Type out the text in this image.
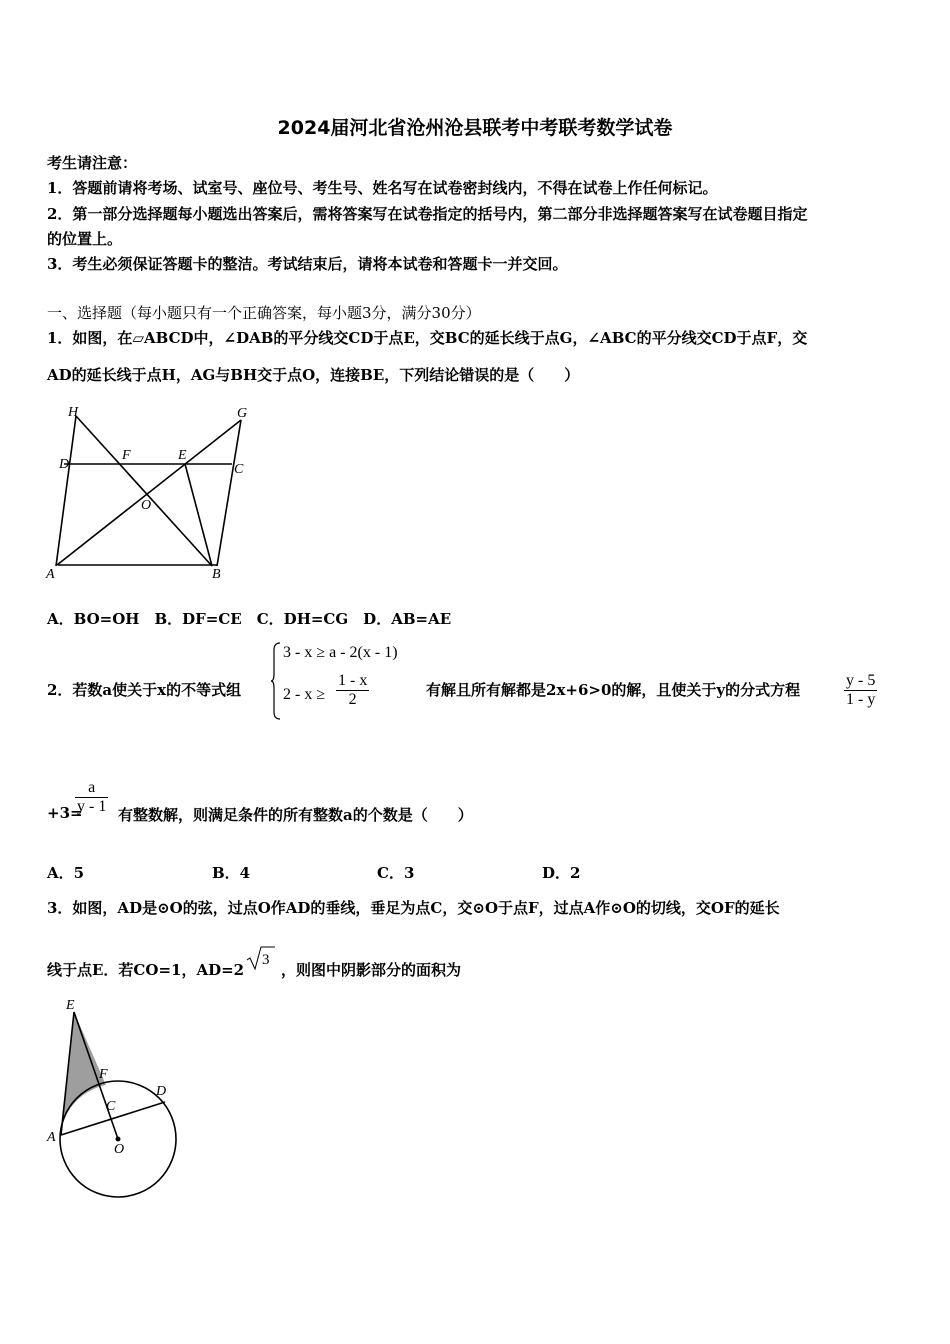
2024届河北省沧州沧县联考中考联考数学试卷
考生请注意：
1．答题前请将考场、试室号、座位号、考生号、姓名写在试卷密封线内，不得在试卷上作任何标记。
2．第一部分选择题每小题选出答案后，需将答案写在试卷指定的括号内，第二部分非选择题答案写在试卷题目指定
的位置上。
3．考生必须保证答题卡的整洁。考试结束后，请将本试卷和答题卡一并交回。
一、选择题（每小题只有一个正确答案，每小题3分，满分30分）
1．如图，在▱ABCD中，∠DAB的平分线交CD于点E，交BC的延长线于点G，∠ABC的平分线交CD于点F，交
AD的延长线于点H，AG与BH交于点O，连接BE，下列结论错误的是（　　）
H	G
D
F	E
C
O
A	B
A．BO=OH　B．DF=CE　C．DH=CG　D．AB=AE
2．若数a使关于x的不等式组
3 - x ≥ a - 2(x - 1)
$2 - x \ge \frac{1 - x}{2}$	有解且所有解都是2x+6>0的解，且使关于y的分式方程	$\frac{y - 5}{1 - y}$
+3=
$\frac{a}{y - 1}$ 有整数解，则满足条件的所有整数a的个数是（　　）
A．5	B．4	C．3	D．2
3．如图，AD是⊙O的弦，过点O作AD的垂线，垂足为点C，交⊙O于点F，过点A作⊙O的切线，交OF的延长
线于点E．若CO=1，AD=2
3
，则图中阴影部分的面积为
E
F
D
C
A
O
